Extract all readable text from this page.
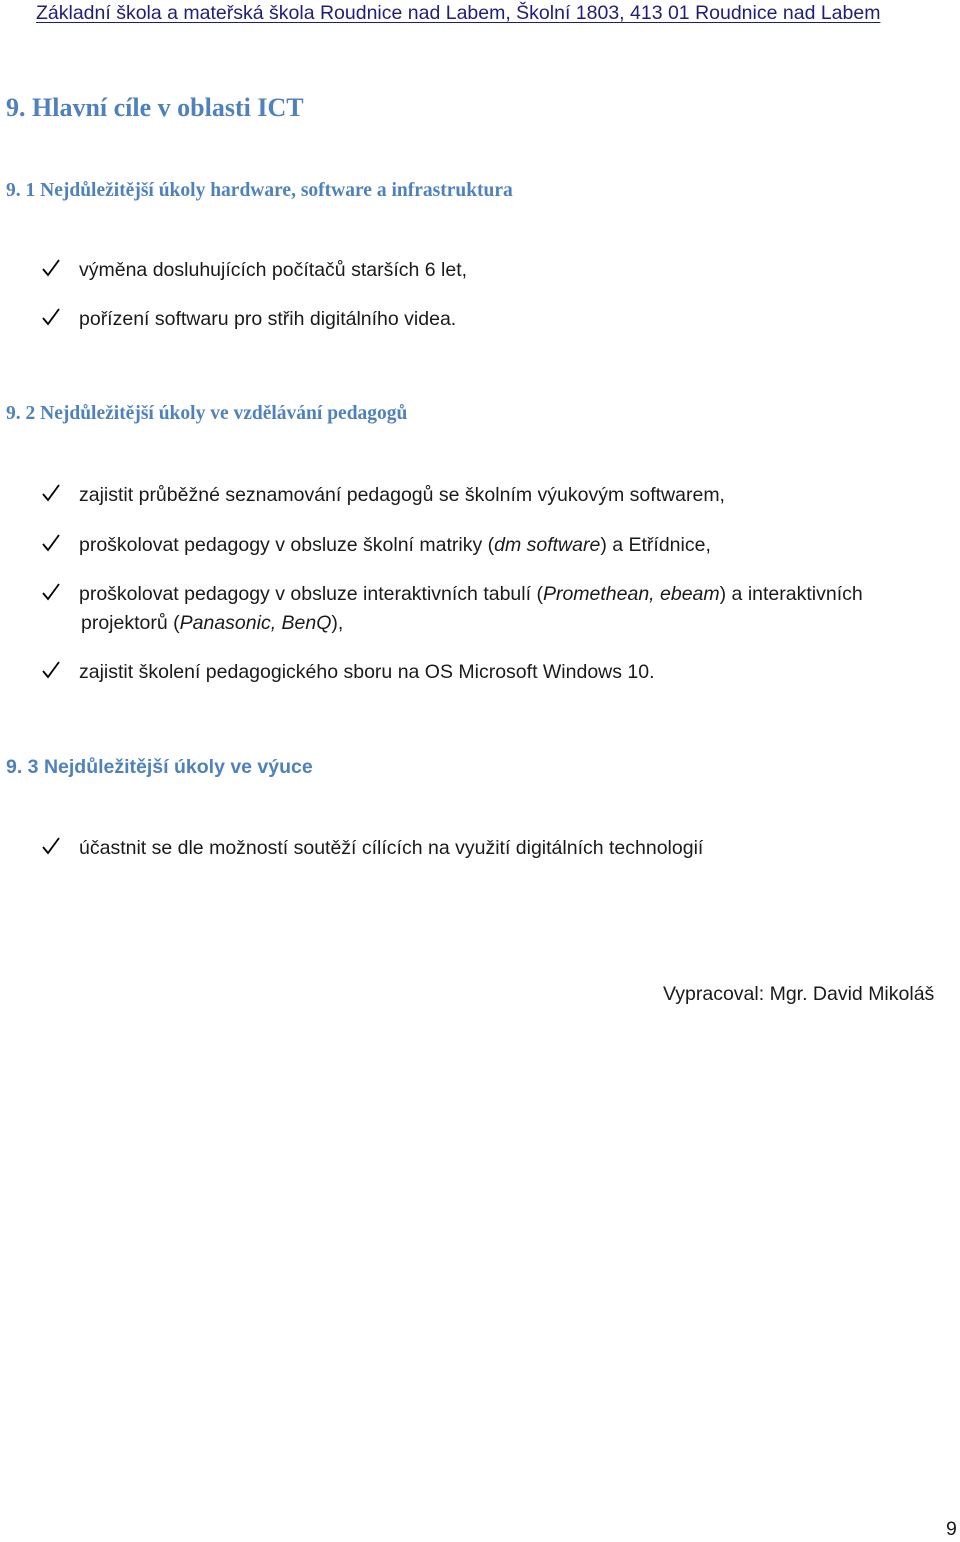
Základní škola a mateřská škola Roudnice nad Labem, Školní 1803, 413 01 Roudnice nad Labem
9. Hlavní cíle v oblasti ICT
9. 1 Nejdůležitější úkoly hardware, software a infrastruktura
výměna dosluhujících počítačů starších 6 let,
pořízení softwaru pro střih digitálního videa.
9. 2 Nejdůležitější úkoly ve vzdělávání pedagogů
zajistit průběžné seznamování pedagogů se školním výukovým softwarem,
proškolovat pedagogy v obsluze školní matriky (dm software) a Etřídnice,
proškolovat pedagogy v obsluze interaktivních tabulí (Promethean, ebeam) a interaktivních
projektorů (Panasonic, BenQ),
zajistit školení pedagogického sboru na OS Microsoft Windows 10.
9. 3 Nejdůležitější úkoly ve výuce
účastnit se dle možností soutěží cílících na využití digitálních technologií
Vypracoval: Mgr. David Mikoláš
9
